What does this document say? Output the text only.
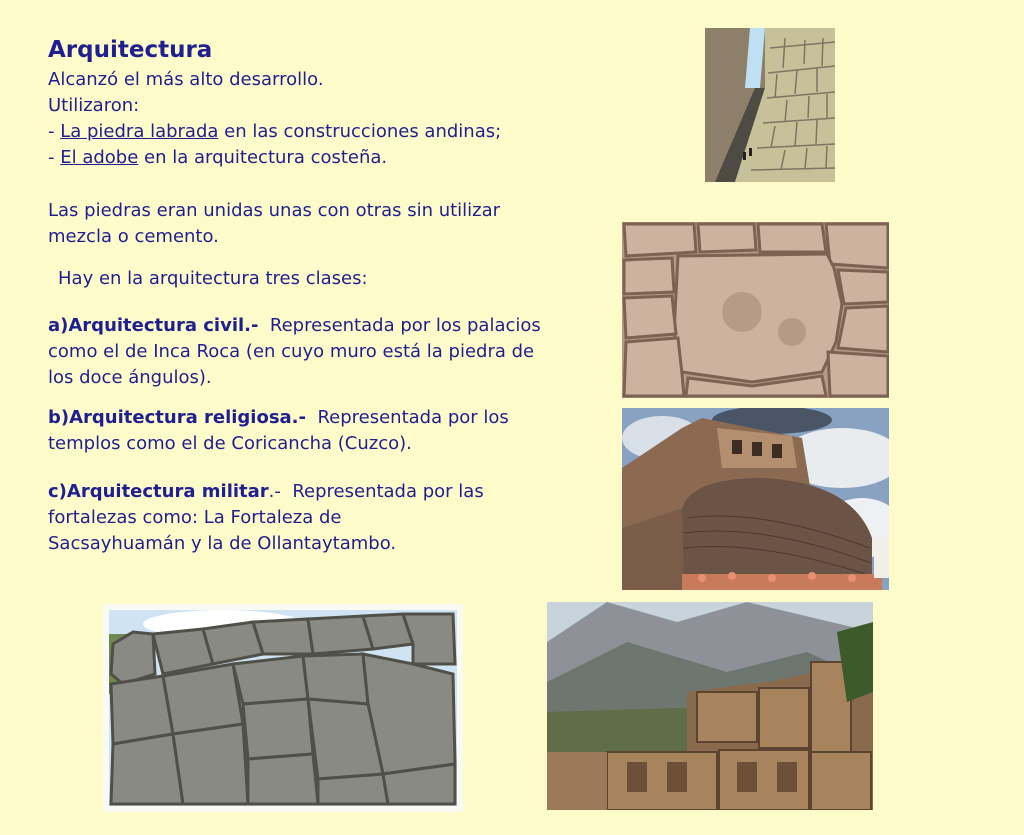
Arquitectura
Alcanzó el más alto desarrollo.
Utilizaron:
- La piedra labrada en las construcciones andinas;
- El adobe en la arquitectura costeña.
Las piedras eran unidas unas con otras sin utilizar
mezcla o cemento.
Hay en la arquitectura tres clases:
a)Arquitectura civil.-  Representada por los palacios
como el de Inca Roca (en cuyo muro está la piedra de
los doce ángulos).
b)Arquitectura religiosa.-  Representada por los
templos como el de Coricancha (Cuzco).
c)Arquitectura militar.-  Representada por las
fortalezas como: La Fortaleza de
Sacsayhuamán y la de Ollantaytambo.
